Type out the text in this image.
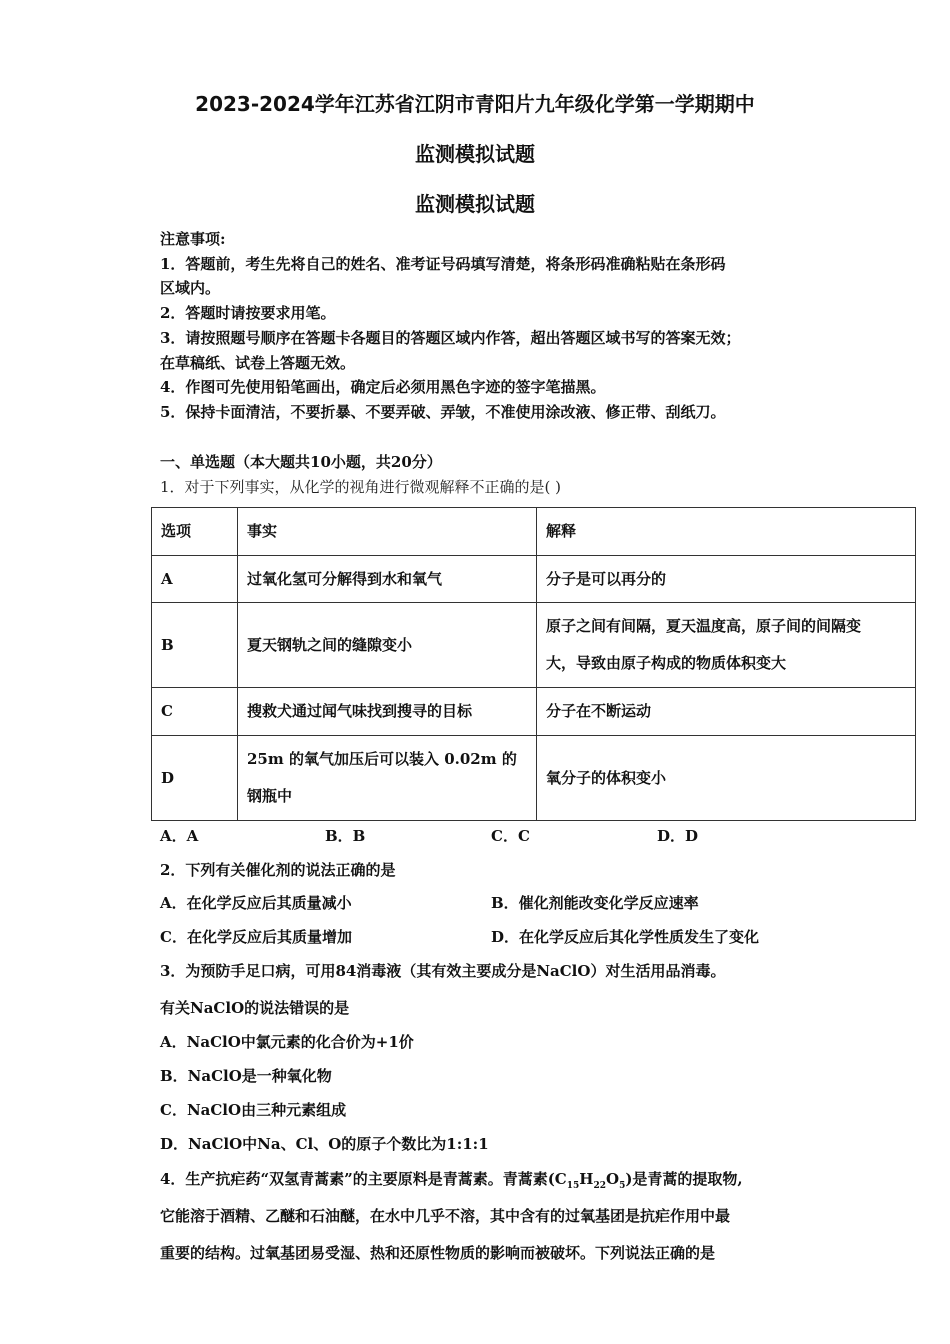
2023-2024学年江苏省江阴市青阳片九年级化学第一学期期中
监测模拟试题
监测模拟试题
注意事项:
1．答题前，考生先将自己的姓名、准考证号码填写清楚，将条形码准确粘贴在条形码
区域内。
2．答题时请按要求用笔。
3．请按照题号顺序在答题卡各题目的答题区域内作答，超出答题区域书写的答案无效；
在草稿纸、试卷上答题无效。
4．作图可先使用铅笔画出，确定后必须用黑色字迹的签字笔描黑。
5．保持卡面清洁，不要折暴、不要弄破、弄皱，不准使用涂改液、修正带、刮纸刀。
一、单选题（本大题共10小题，共20分）
1．对于下列事实，从化学的视角进行微观解释不正确的是( )
选项	事实	解释
A	过氧化氢可分解得到水和氧气	分子是可以再分的
B	夏天钢轨之间的缝隙变小	原子之间有间隔，夏天温度高，原子间的间隔变
大，导致由原子构成的物质体积变大

C	搜救犬通过闻气味找到搜寻的目标	分子在不断运动
D	25m 的氧气加压后可以装入 0.02m 的
钢瓶中	氧分子的体积变小
A．A	B．B	C．C	D．D
2．下列有关催化剂的说法正确的是
A．在化学反应后其质量减小	B．催化剂能改变化学反应速率
C．在化学反应后其质量增加	D．在化学反应后其化学性质发生了变化
3．为预防手足口病，可用84消毒液（其有效主要成分是NaClO）对生活用品消毒。
有关NaClO的说法错误的是
A．NaClO中氯元素的化合价为+1价
B．NaClO是一种氧化物
C．NaClO由三种元素组成
D．NaClO中Na、Cl、O的原子个数比为1:1:1
4．生产抗疟药“双氢青蒿素”的主要原料是青蒿素。青蒿素$(C_{15}H_{22}O_5)$是青蒿的提取物,
它能溶于酒精、乙醚和石油醚，在水中几乎不溶，其中含有的过氧基团是抗疟作用中最
重要的结构。过氧基团易受湿、热和还原性物质的影响而被破坏。下列说法正确的是
